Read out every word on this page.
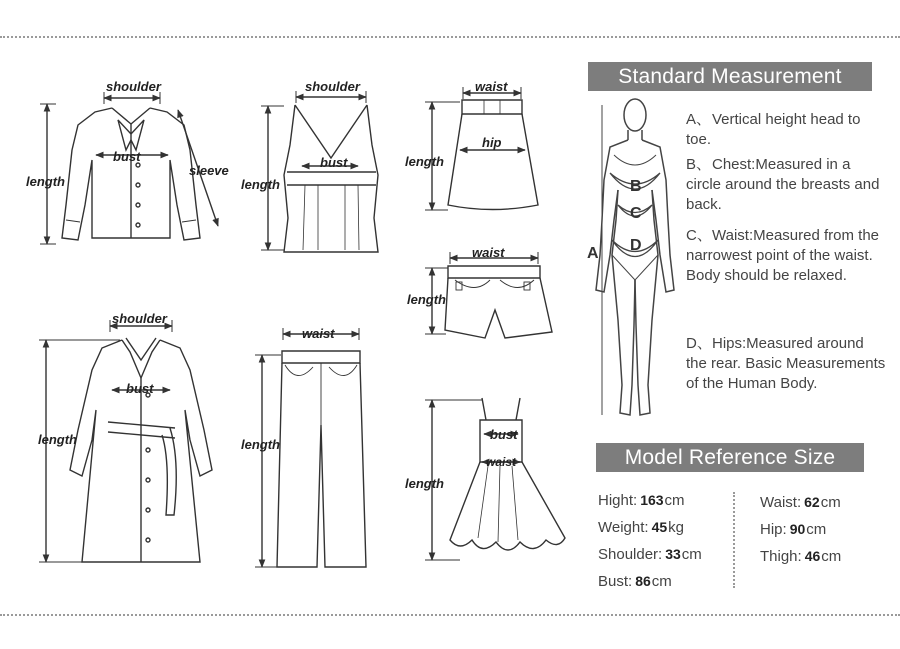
shoulder
bust
length
sleeve
shoulder
bust
length
waist
hip
length
waist
length
shoulder
bust
length
waist
length
bust
waist
length
Standard Measurement
A
B
C
D
A、Vertical height head to toe.
B、Chest:Measured in a circle around the breasts and back.
C、Waist:Measured from the narrowest point of the waist. Body should be relaxed.
D、Hips:Measured around the rear. Basic Measurements of the Human Body.
Model Reference Size
Hight: 163cm
Weight: 45kg
Shoulder: 33cm
Bust: 86cm
Waist: 62cm
Hip: 90cm
Thigh: 46cm
